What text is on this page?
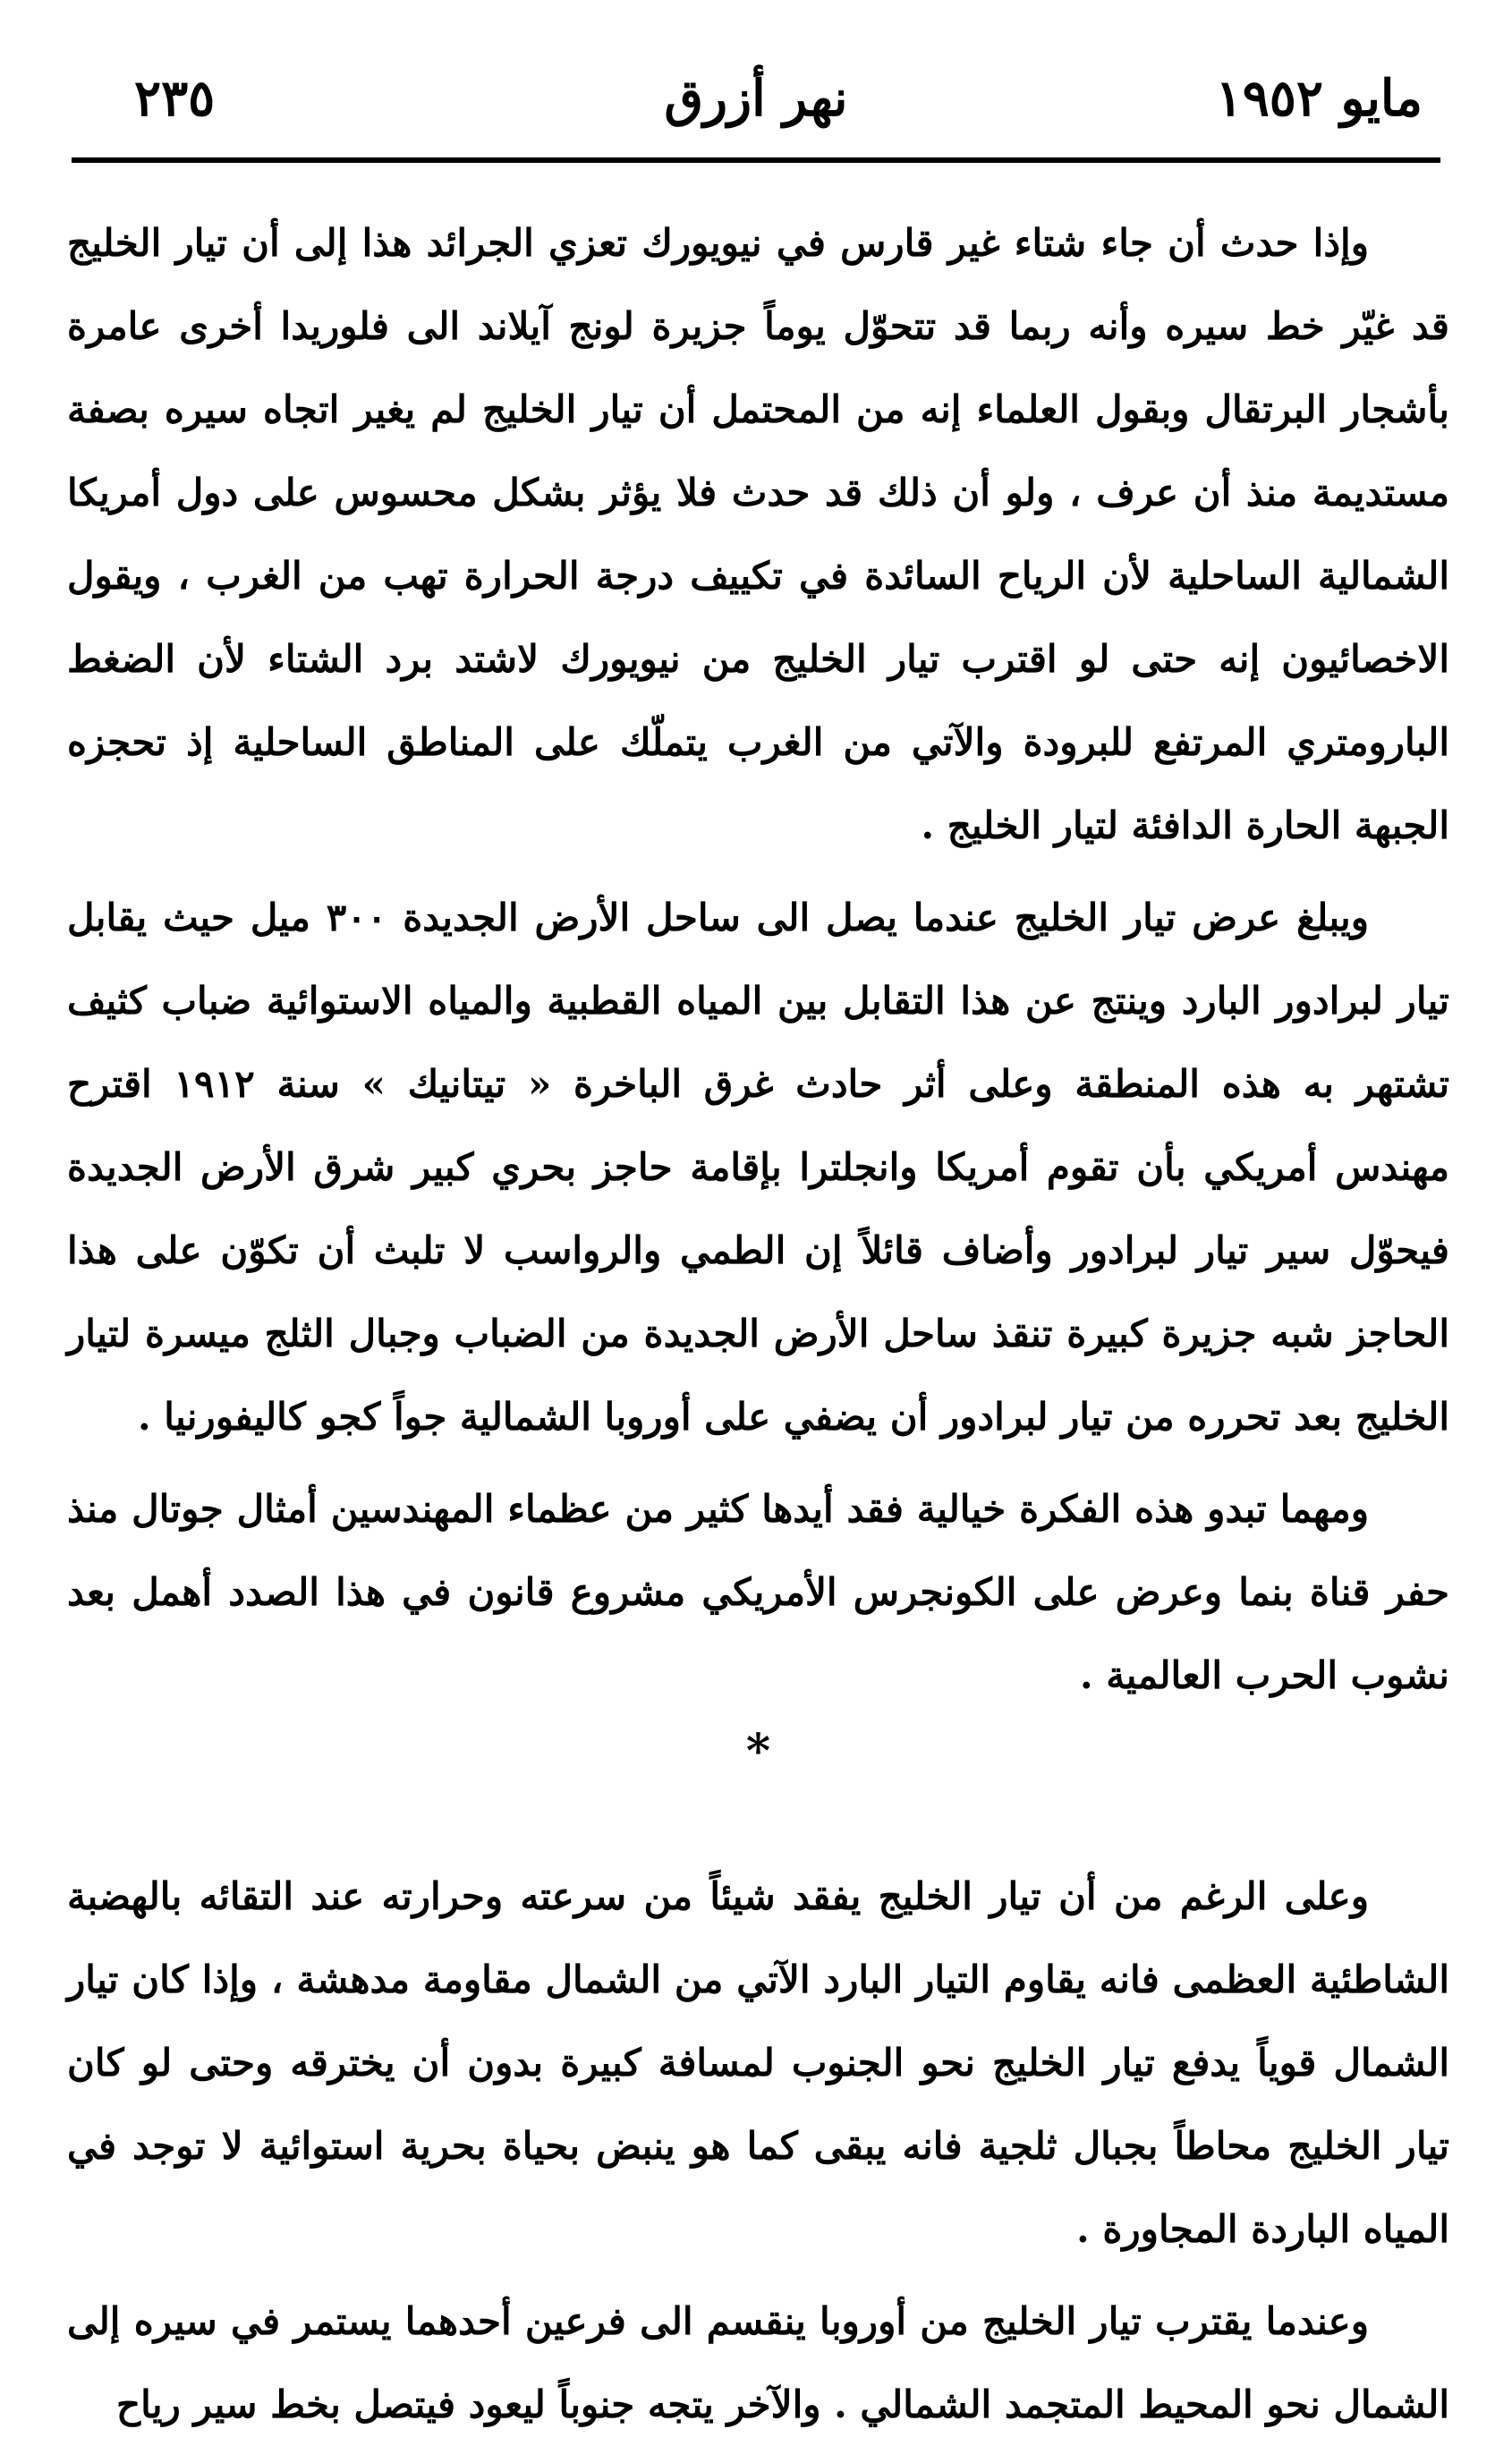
٢٣٥	نهر أزرق	مايو ١٩٥٢

وإذا حدث أن جاء شتاء غير قارس في نيويورك تعزي الجرائد هذا إلى أن تيار الخليج قد غيّر خط سيره وأنه ربما قد تتحوّل يوماً جزيرة لونج آيلاند الى فلوريدا أخرى عامرة بأشجار البرتقال وبقول العلماء إنه من المحتمل أن تيار الخليج لم يغير اتجاه سيره بصفة مستديمة منذ أن عرف ، ولو أن ذلك قد حدث فلا يؤثر بشكل محسوس على دول أمريكا الشمالية الساحلية لأن الرياح السائدة في تكييف درجة الحرارة تهب من الغرب ، ويقول الاخصائيون إنه حتى لو اقترب تيار الخليج من نيويورك لاشتد برد الشتاء لأن الضغط البارومتري المرتفع للبرودة والآتي من الغرب يتملّك على المناطق الساحلية إذ تحجزه الجبهة الحارة الدافئة لتيار الخليج .

ويبلغ عرض تيار الخليج عندما يصل الى ساحل الأرض الجديدة ٣٠٠ ميل حيث يقابل تيار لبرادور البارد وينتج عن هذا التقابل بين المياه القطبية والمياه الاستوائية ضباب كثيف تشتهر به هذه المنطقة وعلى أثر حادث غرق الباخرة « تيتانيك » سنة ١٩١٢ اقترح مهندس أمريكي بأن تقوم أمريكا وانجلترا بإقامة حاجز بحري كبير شرق الأرض الجديدة فيحوّل سير تيار لبرادور وأضاف قائلاً إن الطمي والرواسب لا تلبث أن تكوّن على هذا الحاجز شبه جزيرة كبيرة تنقذ ساحل الأرض الجديدة من الضباب وجبال الثلج ميسرة لتيار الخليج بعد تحرره من تيار لبرادور أن يضفي على أوروبا الشمالية جواً كجو كاليفورنيا .

ومهما تبدو هذه الفكرة خيالية فقد أيدها كثير من عظماء المهندسين أمثال جوتال منذ حفر قناة بنما وعرض على الكونجرس الأمريكي مشروع قانون في هذا الصدد أهمل بعد نشوب الحرب العالمية .

*

وعلى الرغم من أن تيار الخليج يفقد شيئاً من سرعته وحرارته عند التقائه بالهضبة الشاطئية العظمى فانه يقاوم التيار البارد الآتي من الشمال مقاومة مدهشة ، وإذا كان تيار الشمال قوياً يدفع تيار الخليج نحو الجنوب لمسافة كبيرة بدون أن يخترقه وحتى لو كان تيار الخليج محاطاً بجبال ثلجية فانه يبقى كما هو ينبض بحياة بحرية استوائية لا توجد في المياه الباردة المجاورة .

وعندما يقترب تيار الخليج من أوروبا ينقسم الى فرعين أحدهما يستمر في سيره إلى الشمال نحو المحيط المتجمد الشمالي . والآخر يتجه جنوباً ليعود فيتصل بخط سير رياح
